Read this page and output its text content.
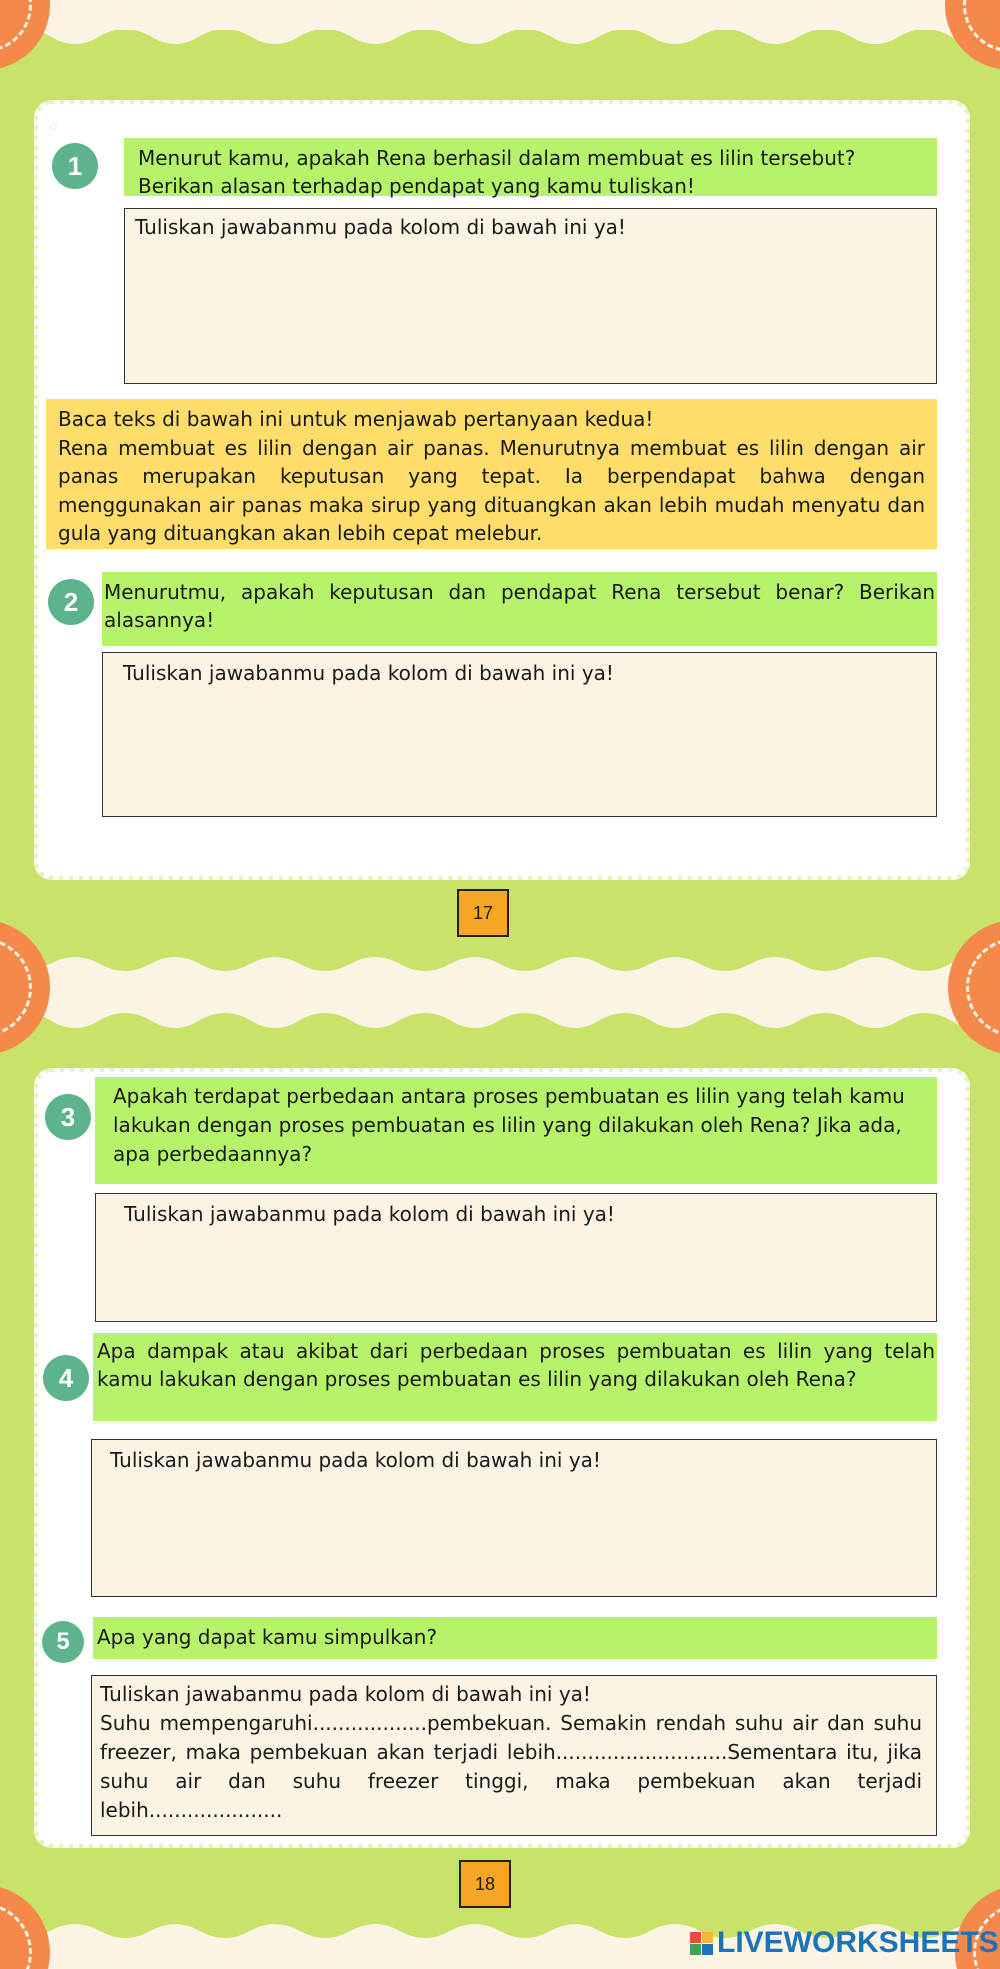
♢
1	Menurut kamu, apakah Rena berhasil dalam membuat es lilin tersebut? Berikan alasan terhadap pendapat yang kamu tuliskan!
Tuliskan jawabanmu pada kolom di bawah ini ya!

Baca teks di bawah ini untuk menjawab pertanyaan kedua!

Rena membuat es lilin dengan air panas. Menurutnya membuat es lilin dengan air panas merupakan keputusan yang tepat. Ia berpendapat bahwa dengan menggunakan air panas maka sirup yang dituangkan akan lebih mudah menyatu dan gula yang dituangkan akan lebih cepat melebur.

2	Menurutmu, apakah keputusan dan pendapat Rena tersebut benar? Berikan alasannya!
Tuliskan jawabanmu pada kolom di bawah ini ya!
17
3
Apakah terdapat perbedaan antara proses pembuatan es lilin yang telah kamu lakukan dengan proses pembuatan es lilin yang dilakukan oleh Rena? Jika ada, apa perbedaannya?
Tuliskan jawabanmu pada kolom di bawah ini ya!
4
Apa dampak atau akibat dari perbedaan proses pembuatan es lilin yang telah kamu lakukan dengan proses pembuatan es lilin yang dilakukan oleh Rena?
Tuliskan jawabanmu pada kolom di bawah ini ya!
5	Apa yang dapat kamu simpulkan?

Tuliskan jawabanmu pada kolom di bawah ini ya!

Suhu mempengaruhi..................pembekuan. Semakin rendah suhu air dan suhu freezer, maka pembekuan akan terjadi lebih...........................Sementara itu, jika suhu air dan suhu freezer tinggi, maka pembekuan akan terjadi lebih.....................

18
LIVEWORKSHEETS
